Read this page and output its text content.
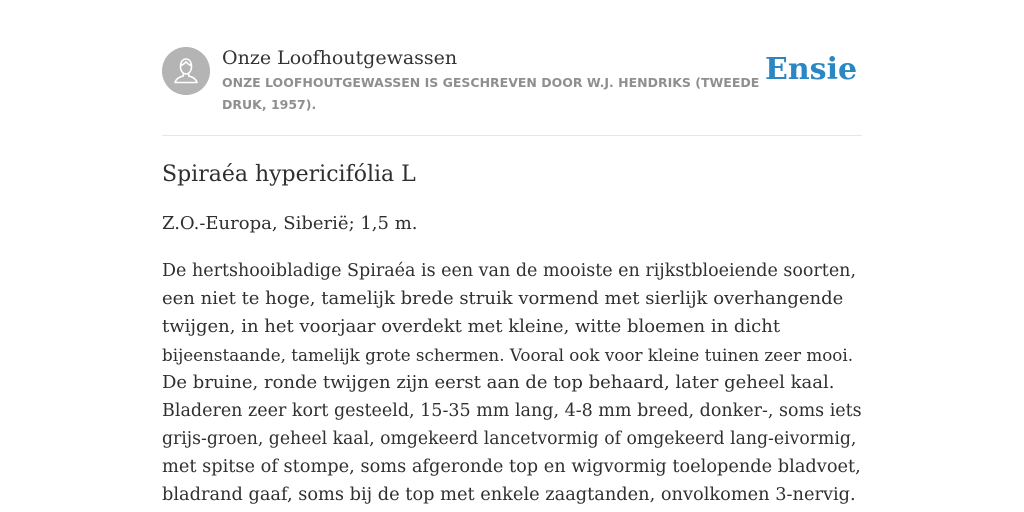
Onze Loofhoutgewassen
ONZE LOOFHOUTGEWASSEN IS GESCHREVEN DOOR W.J. HENDRIKS (TWEEDE DRUK, 1957).
Ensie
Spiraéa hypericifólia L

Z.O.-Europa, Siberië; 1,5 m.

De hertshooibladige Spiraéa is een van de mooiste en rijkstbloeiende soorten,
een niet te hoge, tamelijk brede struik vormend met sierlijk overhangende
twijgen, in het voorjaar overdekt met kleine, witte bloemen in dicht
bijeenstaande, tamelijk grote schermen. Vooral ook voor kleine tuinen zeer mooi.
De bruine, ronde twijgen zijn eerst aan de top behaard, later geheel kaal.
Bladeren zeer kort gesteeld, 15-35 mm lang, 4-8 mm breed, donker-, soms iets
grijs-groen, geheel kaal, omgekeerd lancetvormig of omgekeerd lang-eivormig,
met spitse of stompe, soms afgeronde top en wigvormig toelopende bladvoet,
bladrand gaaf, soms bij de top met enkele zaagtanden, onvolkomen 3-nervig.
